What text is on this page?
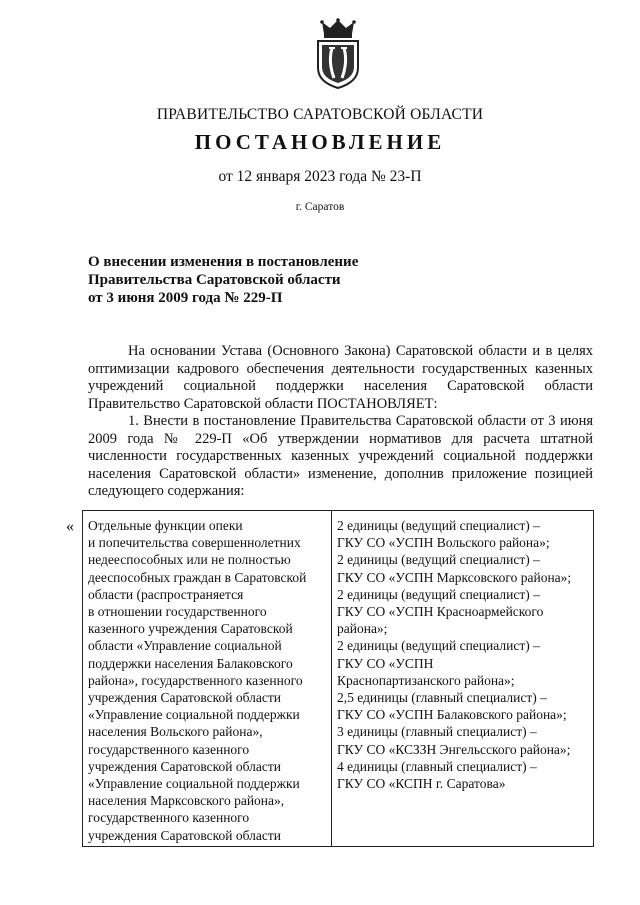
ПРАВИТЕЛЬСТВО САРАТОВСКОЙ ОБЛАСТИ
ПОСТАНОВЛЕНИЕ
от 12 января 2023 года № 23-П
г. Саратов
О внесении изменения в постановление
Правительства Саратовской области
от 3 июня 2009 года № 229-П

На основании Устава (Основного Закона) Саратовской области и в целях оптимизации кадрового обеспечения деятельности государственных казенных учреждений социальной поддержки населения Саратовской области Правительство Саратовской области ПОСТАНОВЛЯЕТ:

1. Внести в постановление Правительства Саратовской области от 3 июня 2009 года № 229-П «Об утверждении нормативов для расчета штатной численности государственных казенных учреждений социальной поддержки населения Саратовской области» изменение, дополнив приложение позицией следующего содержания:

« Отдельные функции опеки
и попечительства совершеннолетних
недееспособных или не полностью
дееспособных граждан в Саратовской
области (распространяется
в отношении государственного
казенного учреждения Саратовской
области «Управление социальной
поддержки населения Балаковского
района», государственного казенного
учреждения Саратовской области
«Управление социальной поддержки
населения Вольского района»,
государственного казенного
учреждения Саратовской области
«Управление социальной поддержки
населения Марксовского района»,
государственного казенного
учреждения Саратовской области
2 единицы (ведущий специалист) –
ГКУ СО «УСПН Вольского района»;
2 единицы (ведущий специалист) –
ГКУ СО «УСПН Марксовского района»;
2 единицы (ведущий специалист) –
ГКУ СО «УСПН Красноармейского
района»;
2 единицы (ведущий специалист) –
ГКУ СО «УСПН
Краснопартизанского района»;
2,5 единицы (главный специалист) –
ГКУ СО «УСПН Балаковского района»;
3 единицы (главный специалист) –
ГКУ СО «КСЗЗН Энгельсского района»;
4 единицы (главный специалист) –
ГКУ СО «КСПН г. Саратова»
